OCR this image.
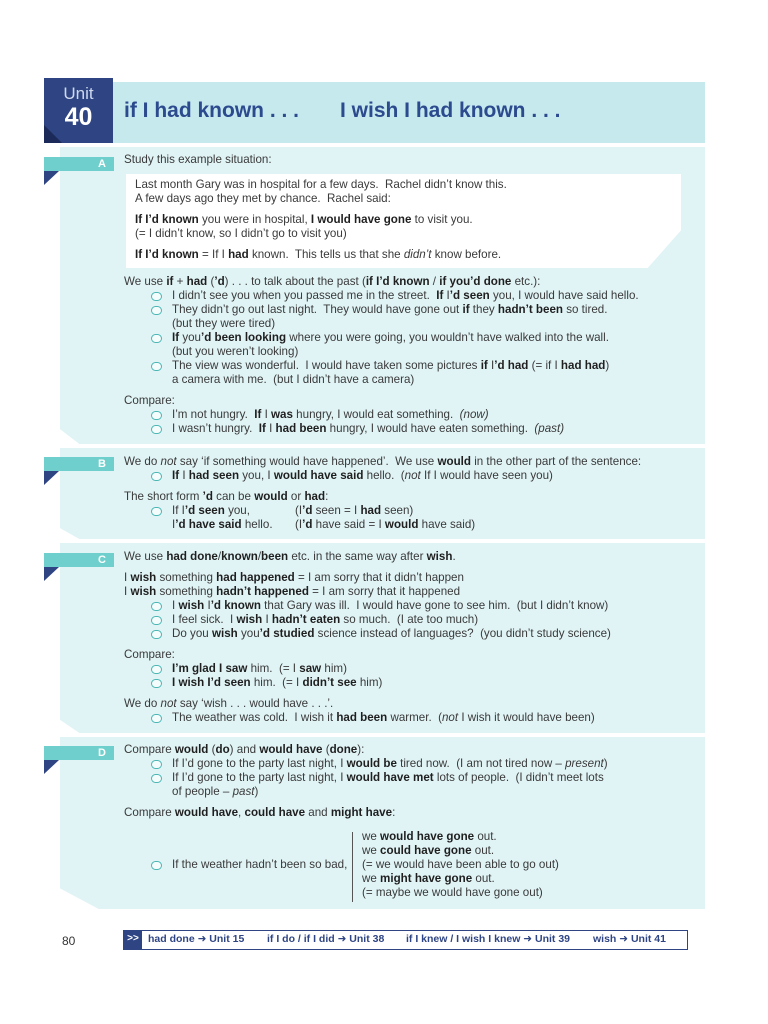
Unit
40	if I had known . . . I wish I had known . . .
A	Study this example situation:
Last month Gary was in hospital for a few days.  Rachel didn’t know this.
A few days ago they met by chance.  Rachel said:
If I’d known you were in hospital, I would have gone to visit you.
(= I didn’t know, so I didn’t go to visit you)
If I’d known = If I had known.  This tells us that she didn’t know before.
We use if + had (’d) . . . to talk about the past (if I’d known / if you’d done etc.):
I didn’t see you when you passed me in the street.  If I’d seen you, I would have said hello.
They didn’t go out last night.  They would have gone out if they hadn’t been so tired.
(but they were tired)
If you’d been looking where you were going, you wouldn’t have walked into the wall.
(but you weren’t looking)
The view was wonderful.  I would have taken some pictures if I’d had (= if I had had)
a camera with me.  (but I didn’t have a camera)
Compare:
I’m not hungry.  If I was hungry, I would eat something.  (now)
I wasn’t hungry.  If I had been hungry, I would have eaten something.  (past)
B	We do not say ‘if something would have happened’.  We use would in the other part of the sentence:
If I had seen you, I would have said hello.  (not If I would have seen you)
The short form ’d can be would or had:
If I’d seen you,	(I’d seen = I had seen)
I’d have said hello. (I’d have said = I would have said)
C	We use had done/known/been etc. in the same way after wish.
I wish something had happened = I am sorry that it didn’t happen
I wish something hadn’t happened = I am sorry that it happened
I wish I’d known that Gary was ill.  I would have gone to see him.  (but I didn’t know)
I feel sick.  I wish I hadn’t eaten so much.  (I ate too much)
Do you wish you’d studied science instead of languages?  (you didn’t study science)
Compare:
I’m glad I saw him.  (= I saw him)
I wish I’d seen him.  (= I didn’t see him)
We do not say ‘wish . . . would have . . .’.
The weather was cold.  I wish it had been warmer.  (not I wish it would have been)
D	Compare would (do) and would have (done):
If I’d gone to the party last night, I would be tired now.  (I am not tired now – present)
If I’d gone to the party last night, I would have met lots of people.  (I didn’t meet lots
of people – past)
Compare would have, could have and might have:
If the weather hadn’t been so bad,
we would have gone out.
we could have gone out.
(= we would have been able to go out)
we might have gone out.
(= maybe we would have gone out)
80	>> had done ➜ Unit 15 if I do / if I did ➜ Unit 38 if I knew / I wish I knew ➜ Unit 39 wish ➜ Unit 41
